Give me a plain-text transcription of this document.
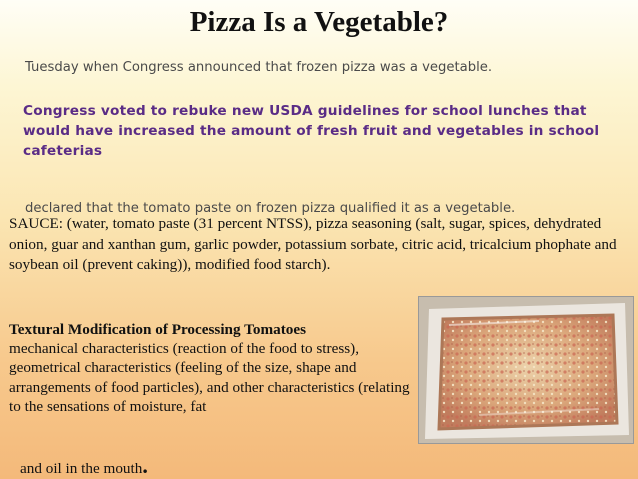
Pizza Is a Vegetable?
Tuesday when Congress announced that frozen pizza was a vegetable.
Congress voted to rebuke new USDA guidelines for school lunches that would have increased the amount of fresh fruit and vegetables in school cafeterias
declared that the tomato paste on frozen pizza qualified it as a vegetable.
SAUCE: (water, tomato paste (31 percent NTSS), pizza seasoning (salt, sugar, spices, dehydrated onion, guar and xanthan gum, garlic powder, potassium sorbate, citric acid, tricalcium phophate and soybean oil (prevent caking)), modified food starch).
Textural Modification of Processing Tomatoes
mechanical characteristics (reaction of the food to stress), geometrical characteristics (feeling of the size, shape and arrangements of food particles), and other characteristics (relating to the sensations of moisture, fat
and oil in the mouth.
